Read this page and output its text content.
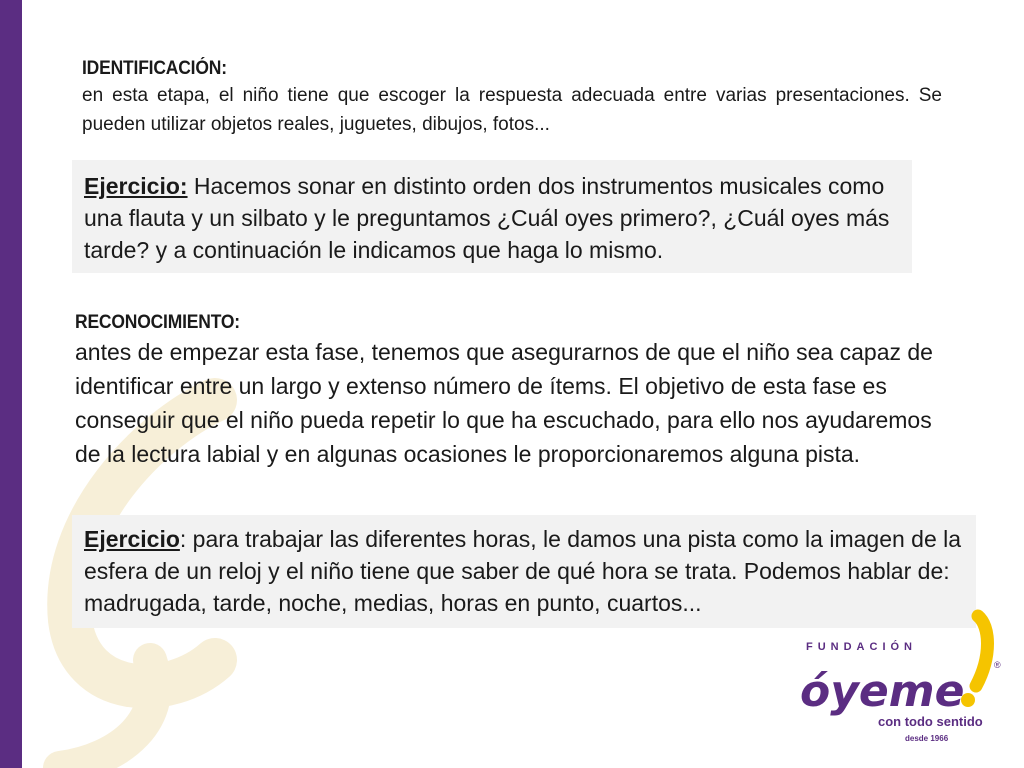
IDENTIFICACIÓN:
en esta etapa, el niño tiene que escoger la respuesta adecuada entre varias presentaciones. Se pueden utilizar objetos reales, juguetes, dibujos, fotos...

Ejercicio: Hacemos sonar en distinto orden dos instrumentos musicales como una flauta y un silbato y le preguntamos ¿Cuál oyes primero?, ¿Cuál oyes más tarde? y a continuación le indicamos que haga lo mismo.

RECONOCIMIENTO:
antes de empezar esta fase, tenemos que asegurarnos de que el niño sea capaz de identificar entre un largo y extenso número de ítems. El objetivo de esta fase es conseguir que el niño pueda repetir lo que ha escuchado, para ello nos ayudaremos de la lectura labial y en algunas ocasiones le proporcionaremos alguna pista.

Ejercicio: para trabajar las diferentes horas, le damos una pista como la imagen de la esfera de un reloj y el niño tiene que saber de qué hora se trata. Podemos hablar de: madrugada, tarde, noche, medias, horas en punto, cuartos...

FUNDACIÓN
óyeme
®
con todo sentido
desde 1966
